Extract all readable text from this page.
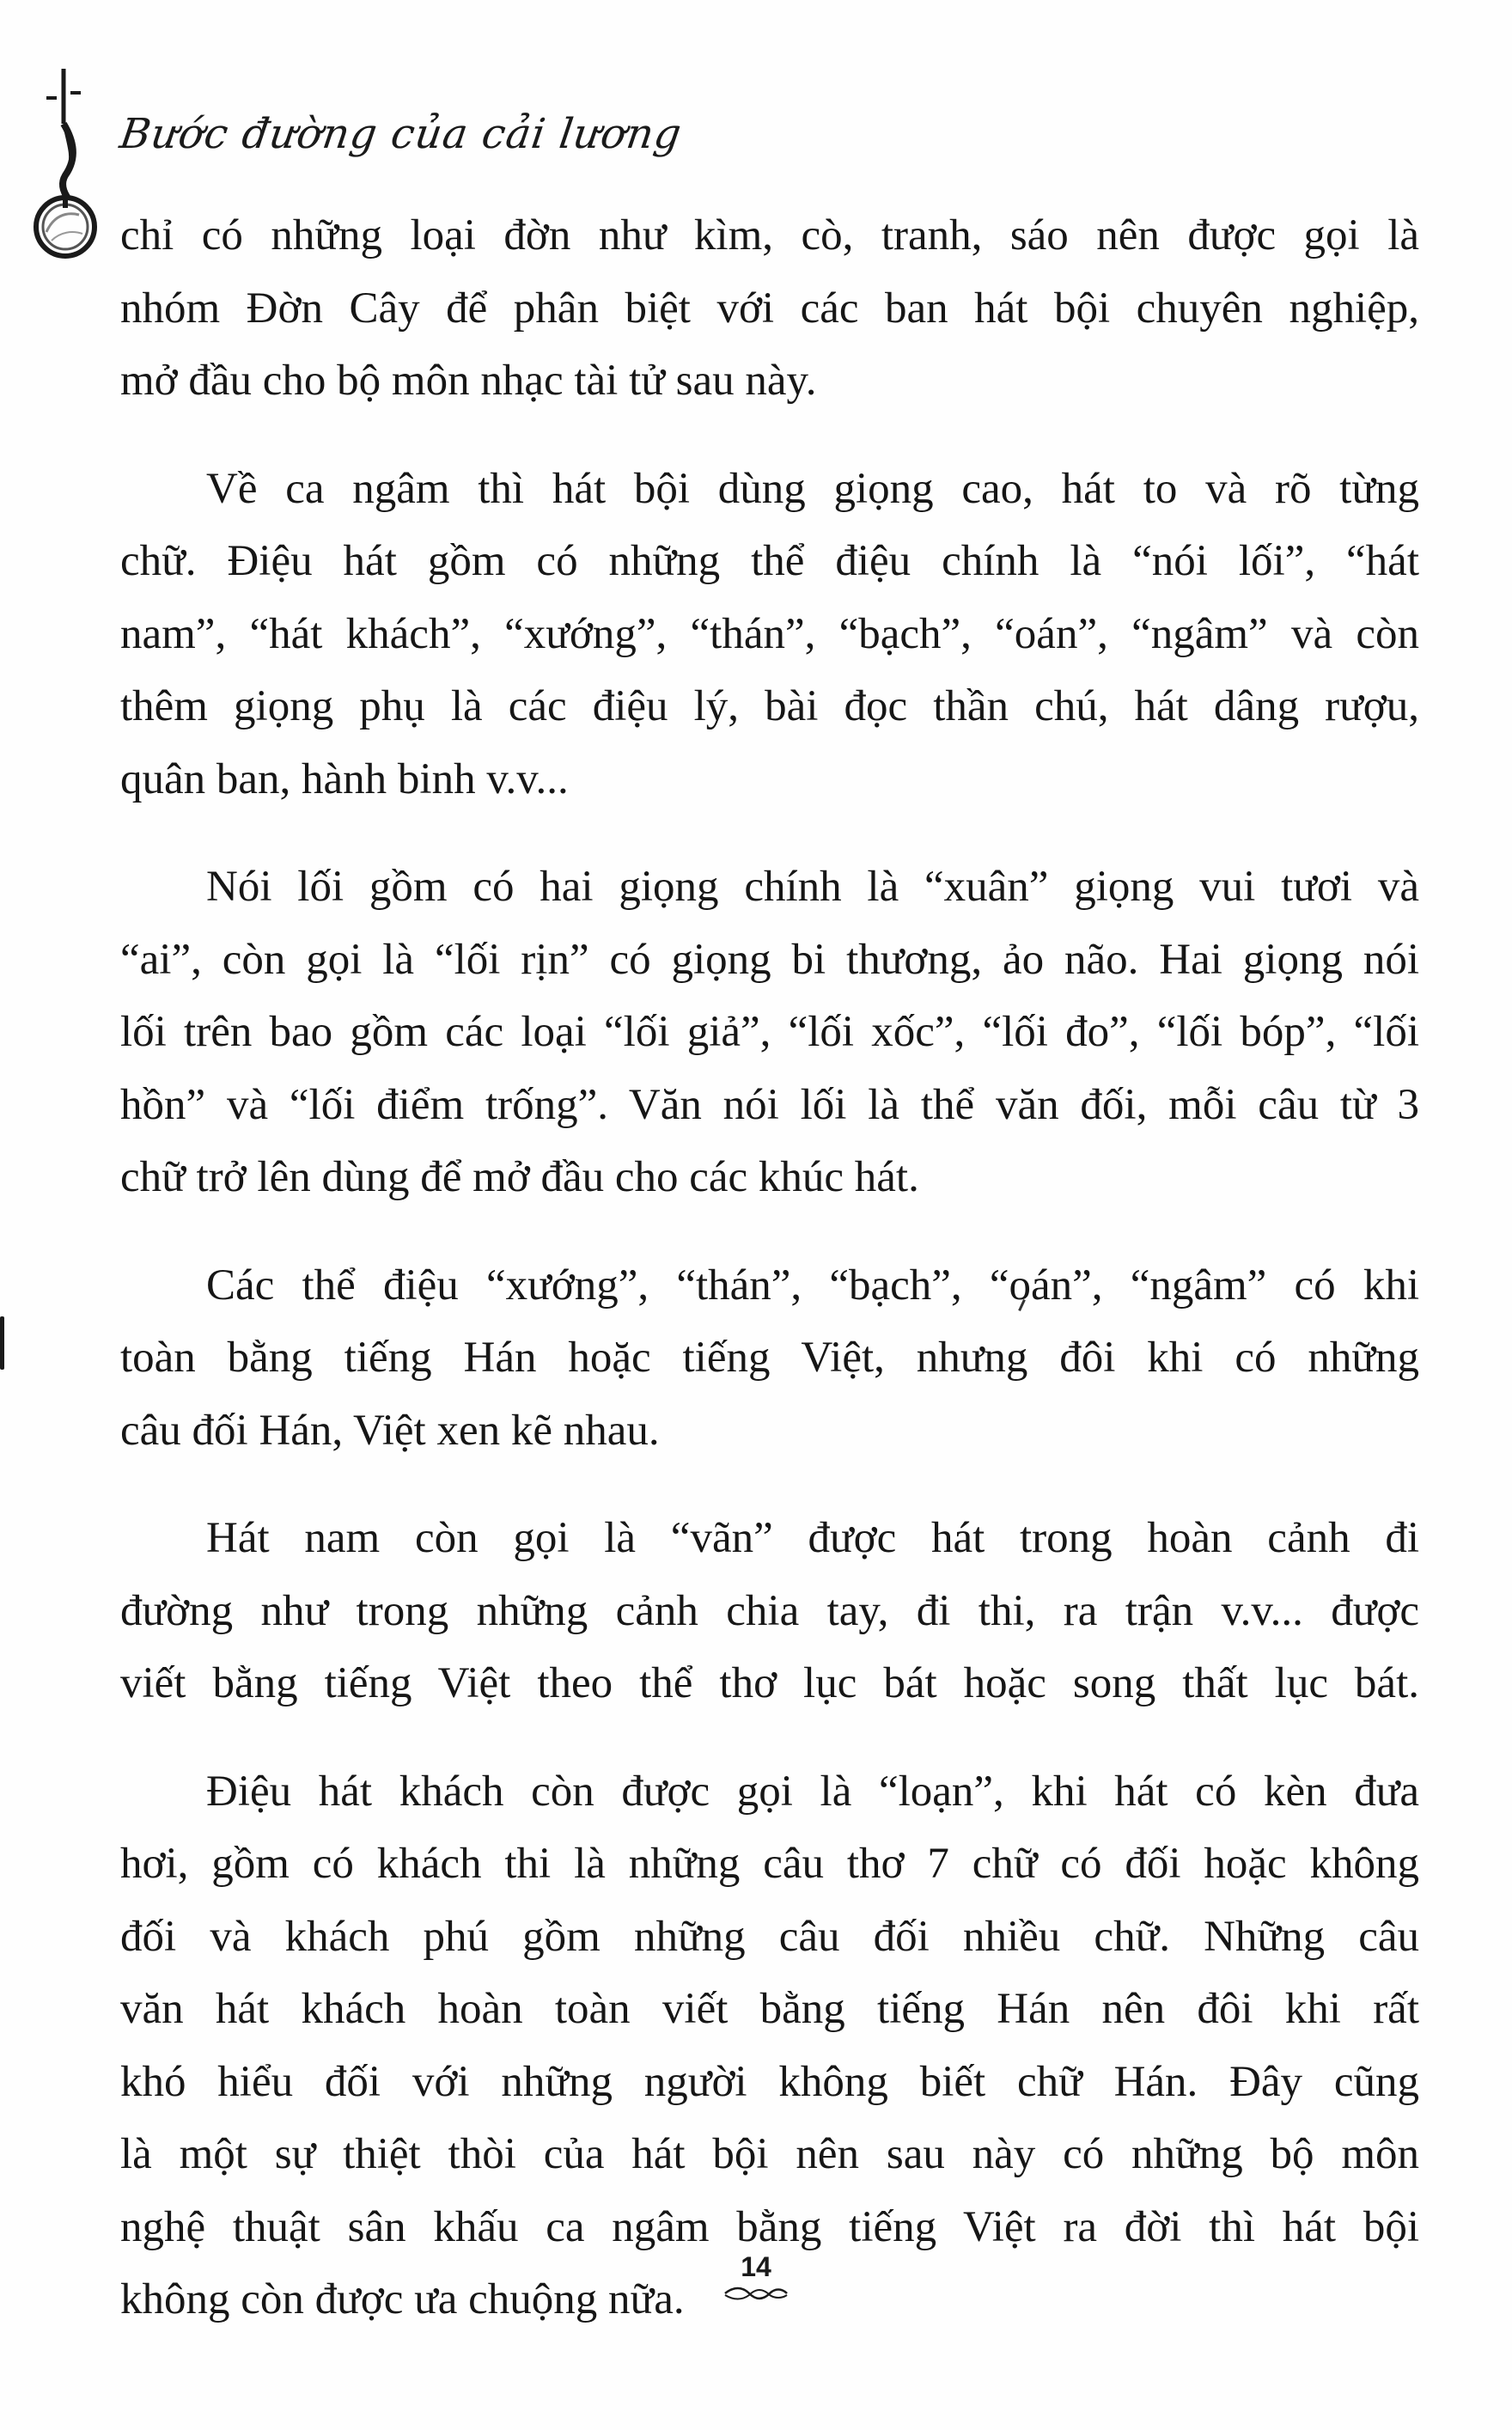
Bước đường của cải lương

chỉ có những loại đờn như kìm, cò, tranh, sáo nên được gọi là
nhóm Đờn Cây để phân biệt với các ban hát bội chuyên nghiệp,
mở đầu cho bộ môn nhạc tài tử sau này.

Về ca ngâm thì hát bội dùng giọng cao, hát to và rõ từng
chữ. Điệu hát gồm có những thể điệu chính là “nói lối”, “hát
nam”, “hát khách”, “xướng”, “thán”, “bạch”, “oán”, “ngâm” và còn
thêm giọng phụ là các điệu lý, bài đọc thần chú, hát dâng rượu,
quân ban, hành binh v.v...

Nói lối gồm có hai giọng chính là “xuân” giọng vui tươi và
“ai”, còn gọi là “lối rịn” có giọng bi thương, ảo não. Hai giọng nói
lối trên bao gồm các loại “lối giả”, “lối xốc”, “lối đo”, “lối bóp”, “lối
hồn” và “lối điểm trống”. Văn nói lối là thể văn đối, mỗi câu từ 3
chữ trở lên dùng để mở đầu cho các khúc hát.

Các thể điệu “xướng”, “thán”, “bạch”, “oán”, “ngâm” có khi
toàn bằng tiếng Hán hoặc tiếng Việt, nhưng đôi khi có những
câu đối Hán, Việt xen kẽ nhau.

Hát nam còn gọi là “vãn” được hát trong hoàn cảnh đi
đường như trong những cảnh chia tay, đi thi, ra trận v.v... được
viết bằng tiếng Việt theo thể thơ lục bát hoặc song thất lục bát.

Điệu hát khách còn được gọi là “loạn”, khi hát có kèn đưa
hơi, gồm có khách thi là những câu thơ 7 chữ có đối hoặc không
đối và khách phú gồm những câu đối nhiều chữ. Những câu
văn hát khách hoàn toàn viết bằng tiếng Hán nên đôi khi rất
khó hiểu đối với những người không biết chữ Hán. Đây cũng
là một sự thiệt thòi của hát bội nên sau này có những bộ môn
nghệ thuật sân khấu ca ngâm bằng tiếng Việt ra đời thì hát bội
không còn được ưa chuộng nữa.

14
